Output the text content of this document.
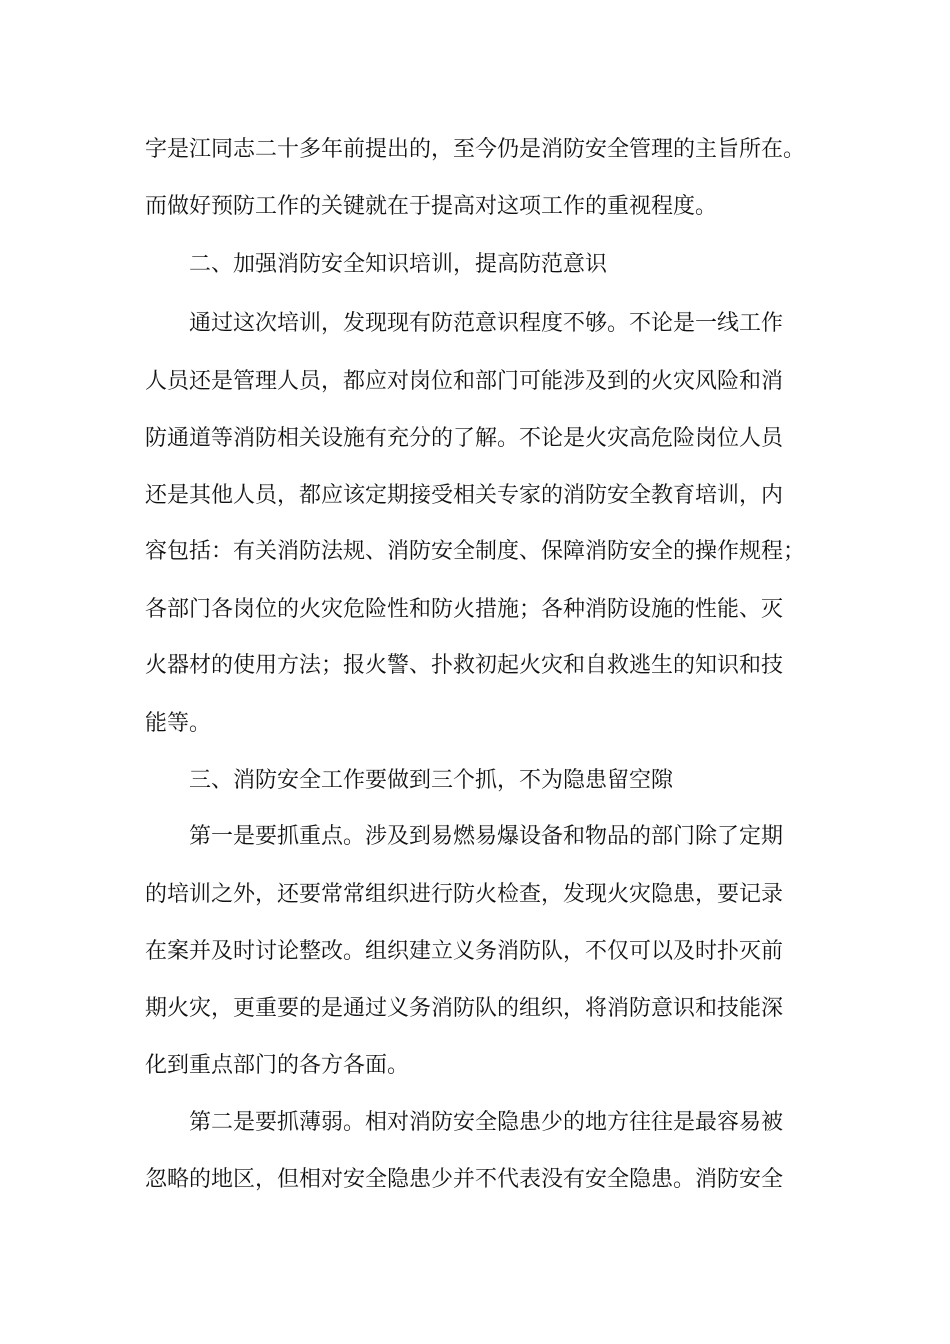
字是江同志二十多年前提出的，至今仍是消防安全管理的主旨所在。
而做好预防工作的关键就在于提高对这项工作的重视程度。
二、加强消防安全知识培训，提高防范意识
通过这次培训，发现现有防范意识程度不够。不论是一线工作
人员还是管理人员，都应对岗位和部门可能涉及到的火灾风险和消
防通道等消防相关设施有充分的了解。不论是火灾高危险岗位人员
还是其他人员，都应该定期接受相关专家的消防安全教育培训，内
容包括：有关消防法规、消防安全制度、保障消防安全的操作规程；
各部门各岗位的火灾危险性和防火措施；各种消防设施的性能、灭
火器材的使用方法；报火警、扑救初起火灾和自救逃生的知识和技
能等。
三、消防安全工作要做到三个抓，不为隐患留空隙
第一是要抓重点。涉及到易燃易爆设备和物品的部门除了定期
的培训之外，还要常常组织进行防火检查，发现火灾隐患，要记录
在案并及时讨论整改。组织建立义务消防队，不仅可以及时扑灭前
期火灾，更重要的是通过义务消防队的组织，将消防意识和技能深
化到重点部门的各方各面。
第二是要抓薄弱。相对消防安全隐患少的地方往往是最容易被
忽略的地区，但相对安全隐患少并不代表没有安全隐患。消防安全
